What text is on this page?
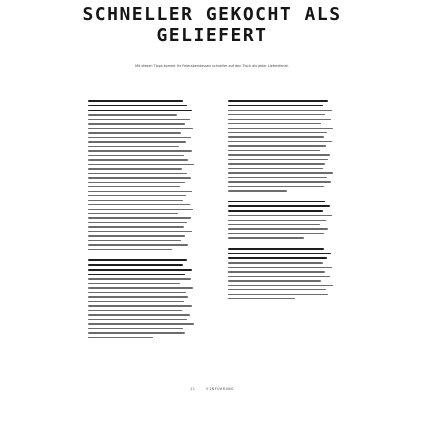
SCHNELLER GEKOCHT ALS
GELIEFERT
Mit diesen Tipps kommt Ihr Feierabendessen schneller auf den Tisch als jeder Lieferdienst.
11	EINFÜHRUNG
